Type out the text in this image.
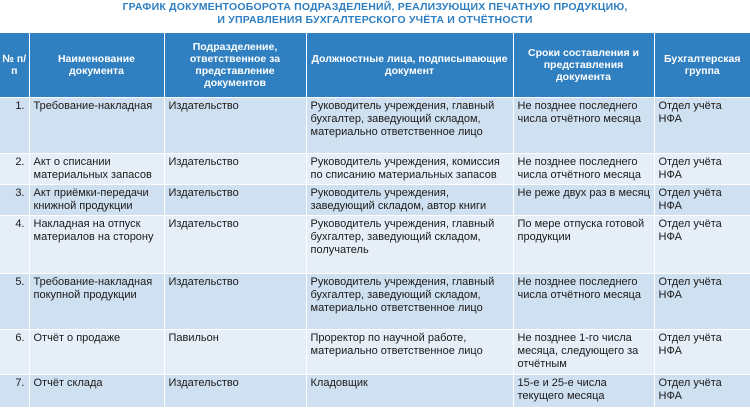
ГРАФИК ДОКУМЕНТООБОРОТА ПОДРАЗДЕЛЕНИЙ, РЕАЛИЗУЮЩИХ ПЕЧАТНУЮ ПРОДУКЦИЮ,
И УПРАВЛЕНИЯ БУХГАЛТЕРСКОГО УЧЁТА И ОТЧЁТНОСТИ
№ п/п	Наименование документа	Подразделение, ответственное за представление документов	Должностные лица, подписывающие документ	Сроки составления и представления документа	Бухгалтерская группа
1.	Требование-накладная	Издательство	Руководитель учреждения, главный бухгалтер, заведующий складом, материально ответственное лицо	Не позднее последнего числа отчётного месяца	Отдел учёта НФА
2.	Акт о списании материальных запасов	Издательство	Руководитель учреждения, комиссия по списанию материальных запасов	Не позднее последнего числа отчётного месяца	Отдел учёта НФА
3.	Акт приёмки-передачи книжной продукции	Издательство	Руководитель учреждения, заведующий складом, автор книги	Не реже двух раз в месяц	Отдел учёта НФА
4.	Накладная на отпуск материалов на сторону	Издательство	Руководитель учреждения, главный бухгалтер, заведующий складом, получатель	По мере отпуска готовой продукции	Отдел учёта НФА
5.	Требование-накладная покупной продукции	Издательство	Руководитель учреждения, главный бухгалтер, заведующий складом, материально ответственное лицо	Не позднее последнего числа отчётного месяца	Отдел учёта НФА
6.	Отчёт о продаже	Павильон	Проректор по научной работе, материально ответственное лицо	Не позднее 1-го числа месяца, следующего за отчётным	Отдел учёта НФА
7.	Отчёт склада	Издательство	Кладовщик	15-е и 25-е числа текущего месяца	Отдел учёта НФА
